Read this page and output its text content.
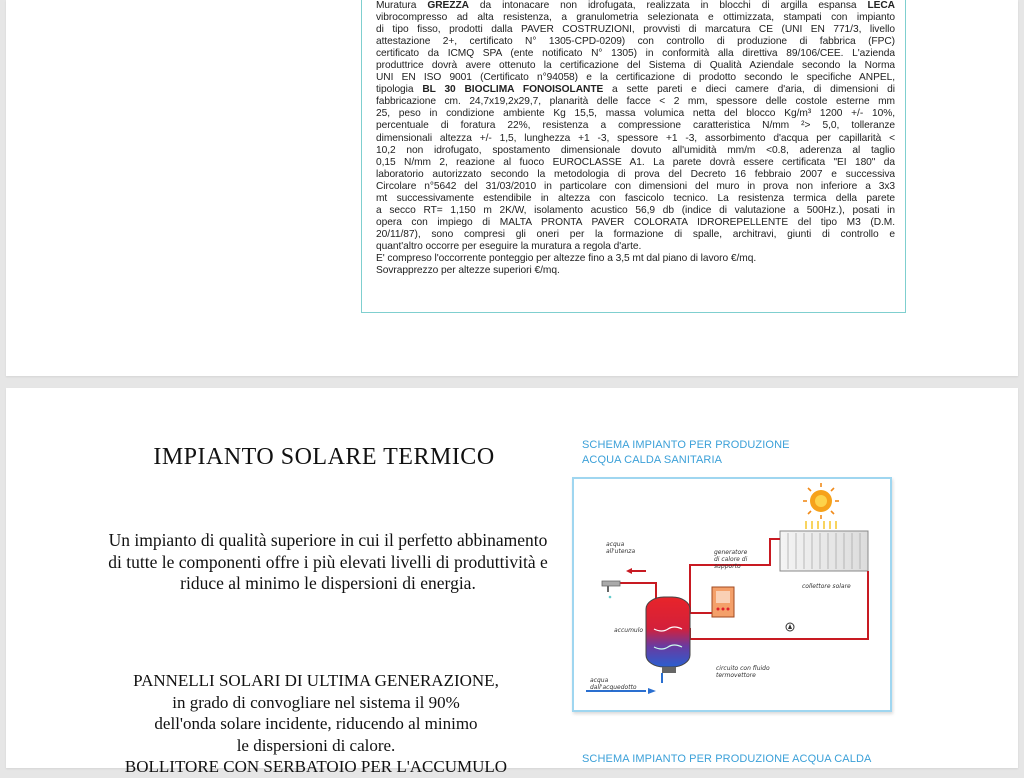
Muratura GREZZA da intonacare non idrofugata, realizzata in blocchi di argilla espansa LECA
vibrocompresso ad alta resistenza, a granulometria selezionata e ottimizzata, stampati con impianto
di tipo fisso, prodotti dalla PAVER COSTRUZIONI, provvisti di marcatura CE (UNI EN 771/3, livello
attestazione 2+, certificato N° 1305-CPD-0209) con controllo di produzione di fabbrica (FPC)
certificato da ICMQ SPA (ente notificato N° 1305) in conformità alla direttiva 89/106/CEE. L'azienda
produttrice dovrà avere ottenuto la certificazione del Sistema di Qualità Aziendale secondo la Norma
UNI EN ISO 9001 (Certificato n°94058) e la certificazione di prodotto secondo le specifiche ANPEL,
tipologia BL 30 BIOCLIMA FONOISOLANTE a sette pareti e dieci camere d'aria, di dimensioni di
fabbricazione cm. 24,7x19,2x29,7, planarità delle facce < 2 mm, spessore delle costole esterne mm
25, peso in condizione ambiente Kg 15,5, massa volumica netta del blocco Kg/m³ 1200 +/- 10%,
percentuale di foratura 22%, resistenza a compressione caratteristica N/mm ²> 5,0, tolleranze
dimensionali altezza +/- 1,5, lunghezza +1 -3, spessore +1 -3, assorbimento d'acqua per capillarità <
10,2 non idrofugato, spostamento dimensionale dovuto all'umidità mm/m <0.8, aderenza al taglio
0,15 N/mm 2, reazione al fuoco EUROCLASSE A1. La parete dovrà essere certificata "EI 180" da
laboratorio autorizzato secondo la metodologia di prova del Decreto 16 febbraio 2007 e successiva
Circolare n°5642 del 31/03/2010 in particolare con dimensioni del muro in prova non inferiore a 3x3
mt successivamente estendibile in altezza con fascicolo tecnico. La resistenza termica della parete
a secco RT= 1,150 m 2K/W, isolamento acustico 56,9 db (indice di valutazione a 500Hz.), posati in
opera con impiego di MALTA PRONTA PAVER COLORATA IDROREPELLENTE del tipo M3 (D.M.
20/11/87), sono compresi gli oneri per la formazione di spalle, architravi, giunti di controllo e
quant'altro occorre per eseguire la muratura a regola d'arte.
E' compreso l'occorrente ponteggio per altezze fino a 3,5 mt dal piano di lavoro €/mq.
Sovrapprezzo per altezze superiori €/mq.
IMPIANTO SOLARE TERMICO
Un impianto di qualità superiore in cui il perfetto abbinamento di tutte le componenti offre i più elevati livelli di produttività e riduce al minimo le dispersioni di energia.
PANNELLI SOLARI DI ULTIMA GENERAZIONE,
in grado di convogliare nel sistema il 90%
dell'onda solare incidente, riducendo al minimo
le dispersioni di calore.
BOLLITORE CON SERBATOIO PER L'ACCUMULO
SCHEMA IMPIANTO PER PRODUZIONE
ACQUA CALDA SANITARIA
acqua
all'utenza	generatore
di calore di
supporto
collettore solare
accumulo
circuito con fluido
termovettore
acqua
dall'acquedotto
SCHEMA IMPIANTO PER PRODUZIONE ACQUA CALDA
